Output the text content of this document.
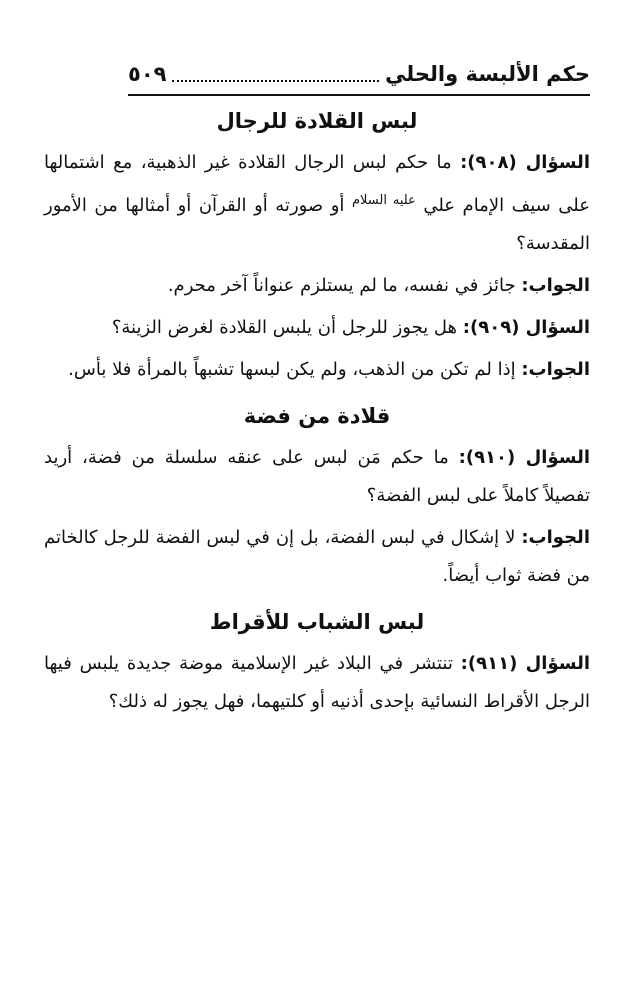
حكم الألبسة والحلي
٥٠٩
لبس القلادة للرجال

السؤال (٩٠٨): ما حكم لبس الرجال القلادة غير الذهبية، مع اشتمالها على سيف الإمام علي $^{عليه السلام}$ أو صورته أو القرآن أو أمثالها من الأمور المقدسة؟

الجواب: جائز في نفسه، ما لم يستلزم عنواناً آخر محرم.

السؤال (٩٠٩): هل يجوز للرجل أن يلبس القلادة لغرض الزينة؟

الجواب: إذا لم تكن من الذهب، ولم يكن لبسها تشبهاً بالمرأة فلا بأس.

قلادة من فضة

السؤال (٩١٠): ما حكم مَن لبس على عنقه سلسلة من فضة، أريد تفصيلاً كاملاً على لبس الفضة؟

الجواب: لا إشكال في لبس الفضة، بل إن في لبس الفضة للرجل كالخاتم من فضة ثواب أيضاً.

لبس الشباب للأقراط

السؤال (٩١١): تنتشر في البلاد غير الإسلامية موضة جديدة يلبس فيها الرجل الأقراط النسائية بإحدى أذنيه أو كلتيهما، فهل يجوز له ذلك؟
